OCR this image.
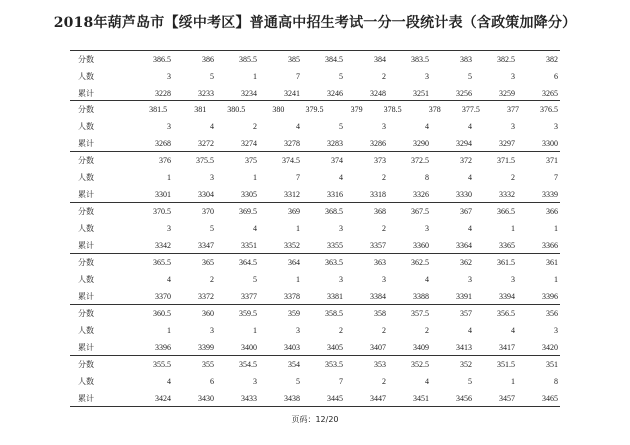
2018年葫芦岛市【绥中考区】普通高中招生考试一分一段统计表（含政策加降分）
分数	386.5	386	385.5	385	384.5	384	383.5	383	382.5	382
人数	3	5	1	7	5	2	3	5	3	6
累计	3228	3233	3234	3241	3246	3248	3251	3256	3259	3265
分数	381.5	381	380.5	380	379.5	379	378.5	378	377.5	377	376.5
人数	3	4	2	4	5	3	4	4	3	3
累计	3268	3272	3274	3278	3283	3286	3290	3294	3297	3300
分数	376	375.5	375	374.5	374	373	372.5	372	371.5	371
人数	1	3	1	7	4	2	8	4	2	7
累计	3301	3304	3305	3312	3316	3318	3326	3330	3332	3339
分数	370.5	370	369.5	369	368.5	368	367.5	367	366.5	366
人数	3	5	4	1	3	2	3	4	1	1
累计	3342	3347	3351	3352	3355	3357	3360	3364	3365	3366
分数	365.5	365	364.5	364	363.5	363	362.5	362	361.5	361
人数	4	2	5	1	3	3	4	3	3	1
累计	3370	3372	3377	3378	3381	3384	3388	3391	3394	3396
分数	360.5	360	359.5	359	358.5	358	357.5	357	356.5	356
人数	1	3	1	3	2	2	2	4	4	3
累计	3396	3399	3400	3403	3405	3407	3409	3413	3417	3420
分数	355.5	355	354.5	354	353.5	353	352.5	352	351.5	351
人数	4	6	3	5	7	2	4	5	1	8
累计	3424	3430	3433	3438	3445	3447	3451	3456	3457	3465
页码：12/20
